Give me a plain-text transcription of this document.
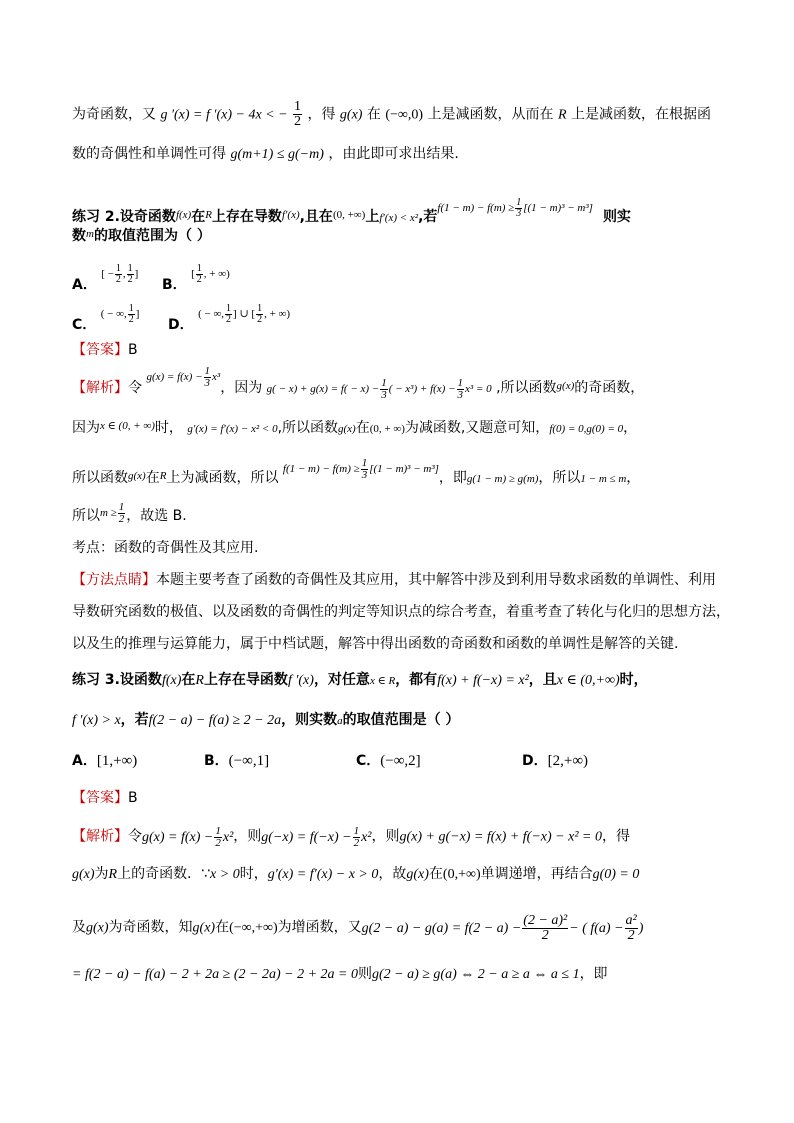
为奇函数，又 g ′(x) = f ′(x) − 4x < − $\frac{1}{2}$ ，得 g(x) 在 (−∞,0) 上是减函数，从而在 R 上是减函数，在根据函
数的奇偶性和单调性可得 g(m+1) ≤ g(−m) ，由此即可求出结果.
练习 2.设奇函数$^{f(x)}$在$^R$上存在导数$^{f'(x)}$,且在$^{(0, +\infty)}$上f′(x) < x²,若$^{f(1 - m) - f(m) \ge \frac{1}{3} [(1 - m)^3 - m^3]}$则实
数$^m$的取值范围为（ ）
A． [ − $\frac{1}{2}$ , $\frac{1}{2}$ ]
B． [ $\frac{1}{2}$ , + ∞)
C． ( − ∞, $\frac{1}{2}$ ]
D． ( − ∞, $\frac{1}{2}$ ] ∪ [ $\frac{1}{2}$ , + ∞)
【答案】B
【解析】令 $^{g(x) = f(x) - \frac{1}{3} x^3}$，因为 $g( - x) + g(x) = f( - x) - \frac{1}{3}$ ( − $x^3) + f(x) - \frac{1}{3} x^3 = 0$ ,所以函数$^{g(x)}$的奇函数，
因为$^{x \in (0, + \infty)}$时， g′(x) = f′(x) − x² < 0,所以函数g(x)在(0, + ∞)为减函数,又题意可知，f(0) = 0,g(0) = 0，
所以函数$^{g(x)}$在$^R$上为减函数，所以 $^{f(1 - m) - f(m) \ge \frac{1}{3} [(1 - m)^3 - m^3]}$，即g(1 − m) ≥ g(m)，所以1 − m ≤ m，
所以$^{m \ge \frac{1}{2}}$ ，故选 B.
考点：函数的奇偶性及其应用.
【方法点睛】本题主要考查了函数的奇偶性及其应用，其中解答中涉及到利用导数求函数的单调性、利用
导数研究函数的极值、以及函数的奇偶性的判定等知识点的综合考查，着重考查了转化与化归的思想方法，
以及生的推理与运算能力，属于中档试题，解答中得出函数的奇函数和函数的单调性是解答的关键.
练习 3.设函数f(x)在R上存在导函数f ′(x)，对任意x ∈ R，都有f(x) + f(−x) = x²，且x ∈ (0,+∞)时，
f ′(x) > x，若f(2 − a) − f(a) ≥ 2 − 2a，则实数a的取值范围是（ ）
A．[1,+∞)	B．(−∞,1]	C．(−∞,2]	D．[2,+∞)
【答案】B
【解析】令$g(x) = f(x) - \frac{1}{2} x^2$，则$g(-x) = f(-x) - \frac{1}{2} x^2$，则g(x) + g(−x) = f(x) + f(−x) − x² = 0，得
g(x)为R上的奇函数．∵x > 0时，g′(x) = f′(x) − x > 0，故g(x)在(0,+∞)单调递增，再结合g(0) = 0
及g(x)为奇函数，知g(x)在(−∞,+∞)为增函数，又$g(2 - a) - g(a) = f(2 - a) - \frac{\text{(2 − a)²}}{2}$ − ( $f(a) - \frac{\text{a²}}{2}$ )
= f(2 − a) − f(a) − 2 + 2a ≥ (2 − 2a) − 2 + 2a = 0则g(2 − a) ≥ g(a) ⇔ 2 − a ≥ a ⇔ a ≤ 1，即
